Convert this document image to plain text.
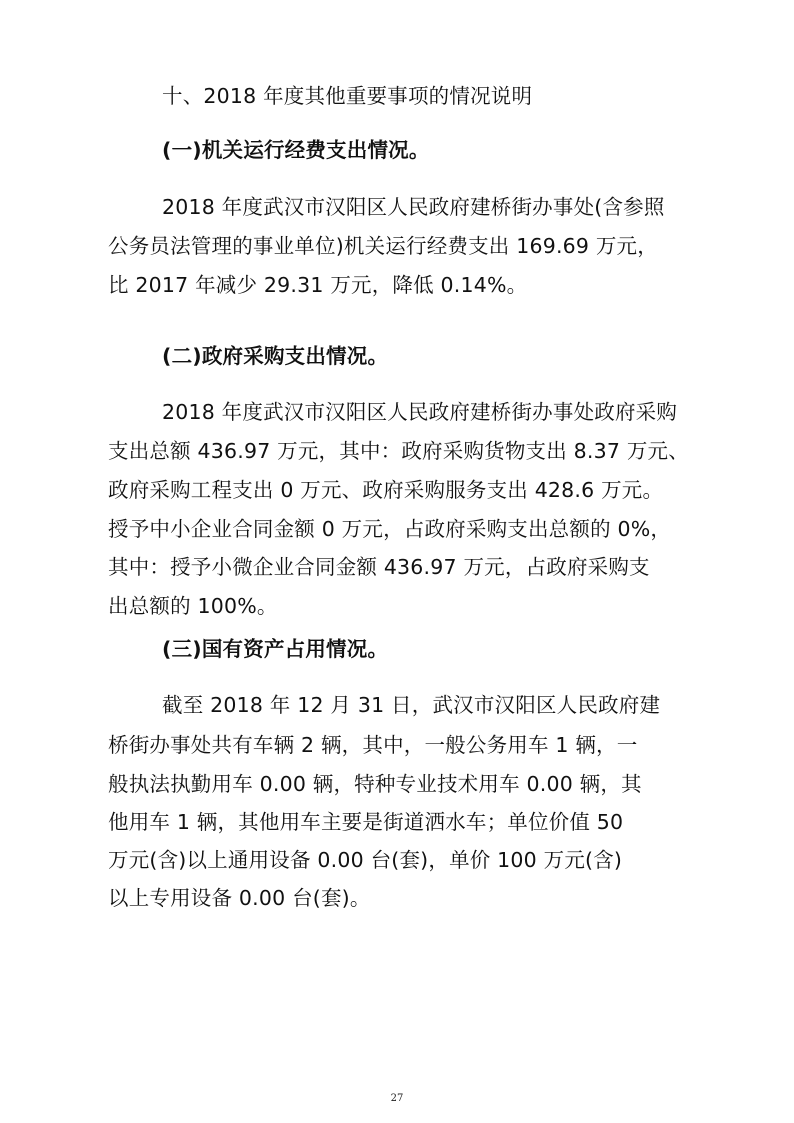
十、2018 年度其他重要事项的情况说明
(一)机关运行经费支出情况。
2018 年度武汉市汉阳区人民政府建桥街办事处(含参照
公务员法管理的事业单位)机关运行经费支出 169.69 万元，
比 2017 年减少 29.31 万元，降低 0.14%。
(二)政府采购支出情况。
2018 年度武汉市汉阳区人民政府建桥街办事处政府采购
支出总额 436.97 万元，其中：政府采购货物支出 8.37 万元、
政府采购工程支出 0 万元、政府采购服务支出 428.6 万元。
授予中小企业合同金额 0 万元，占政府采购支出总额的 0%，
其中：授予小微企业合同金额 436.97 万元，占政府采购支
出总额的 100%。
(三)国有资产占用情况。
截至 2018 年 12 月 31 日，武汉市汉阳区人民政府建
桥街办事处共有车辆 2 辆，其中，一般公务用车 1 辆，一
般执法执勤用车 0.00 辆，特种专业技术用车 0.00 辆，其
他用车 1 辆，其他用车主要是街道洒水车；单位价值 50
万元(含)以上通用设备 0.00 台(套)，单价 100 万元(含)
以上专用设备 0.00 台(套)。
27
